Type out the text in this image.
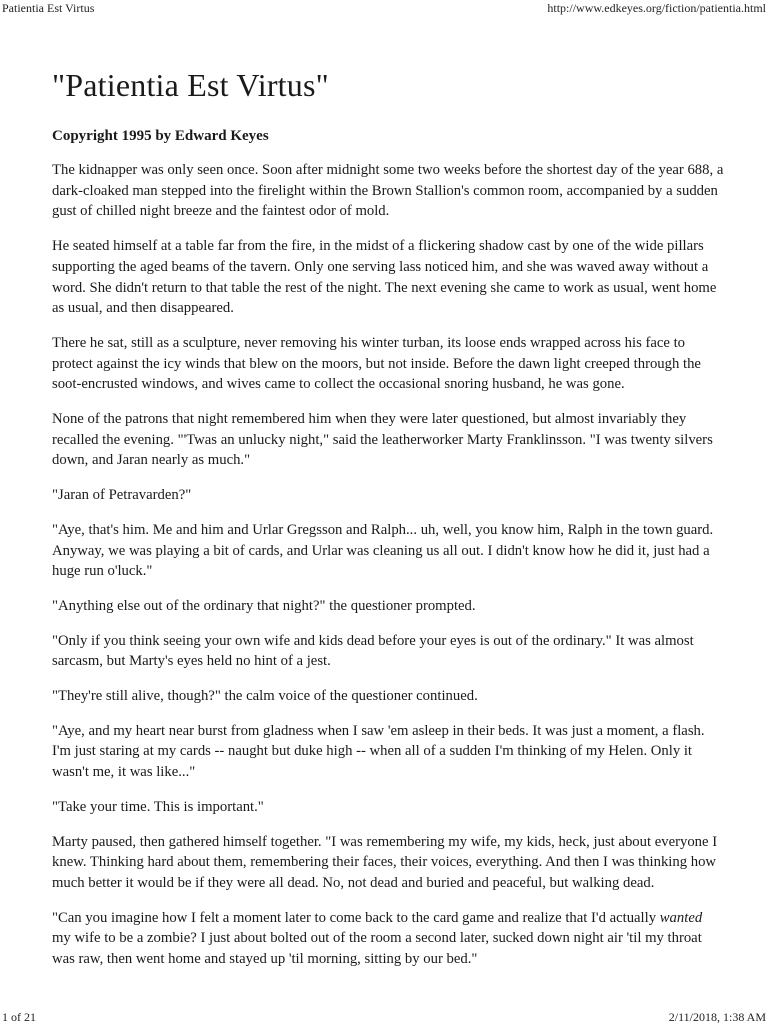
Patientia Est Virtus	http://www.edkeyes.org/fiction/patientia.html
"Patientia Est Virtus"

Copyright 1995 by Edward Keyes

The kidnapper was only seen once. Soon after midnight some two weeks before the shortest day of the year 688, a dark-cloaked man stepped into the firelight within the Brown Stallion's common room, accompanied by a sudden gust of chilled night breeze and the faintest odor of mold.

He seated himself at a table far from the fire, in the midst of a flickering shadow cast by one of the wide pillars supporting the aged beams of the tavern. Only one serving lass noticed him, and she was waved away without a word. She didn't return to that table the rest of the night. The next evening she came to work as usual, went home as usual, and then disappeared.

There he sat, still as a sculpture, never removing his winter turban, its loose ends wrapped across his face to protect against the icy winds that blew on the moors, but not inside. Before the dawn light creeped through the soot-encrusted windows, and wives came to collect the occasional snoring husband, he was gone.

None of the patrons that night remembered him when they were later questioned, but almost invariably they recalled the evening. "'Twas an unlucky night," said the leatherworker Marty Franklinsson. "I was twenty silvers down, and Jaran nearly as much."

"Jaran of Petravarden?"

"Aye, that's him. Me and him and Urlar Gregsson and Ralph... uh, well, you know him, Ralph in the town guard. Anyway, we was playing a bit of cards, and Urlar was cleaning us all out. I didn't know how he did it, just had a huge run o'luck."

"Anything else out of the ordinary that night?" the questioner prompted.

"Only if you think seeing your own wife and kids dead before your eyes is out of the ordinary." It was almost sarcasm, but Marty's eyes held no hint of a jest.

"They're still alive, though?" the calm voice of the questioner continued.

"Aye, and my heart near burst from gladness when I saw 'em asleep in their beds. It was just a moment, a flash. I'm just staring at my cards -- naught but duke high -- when all of a sudden I'm thinking of my Helen. Only it wasn't me, it was like..."

"Take your time. This is important."

Marty paused, then gathered himself together. "I was remembering my wife, my kids, heck, just about everyone I knew. Thinking hard about them, remembering their faces, their voices, everything. And then I was thinking how much better it would be if they were all dead. No, not dead and buried and peaceful, but walking dead.

"Can you imagine how I felt a moment later to come back to the card game and realize that I'd actually wanted my wife to be a zombie? I just about bolted out of the room a second later, sucked down night air 'til my throat was raw, then went home and stayed up 'til morning, sitting by our bed."

1 of 21	2/11/2018, 1:38 AM
